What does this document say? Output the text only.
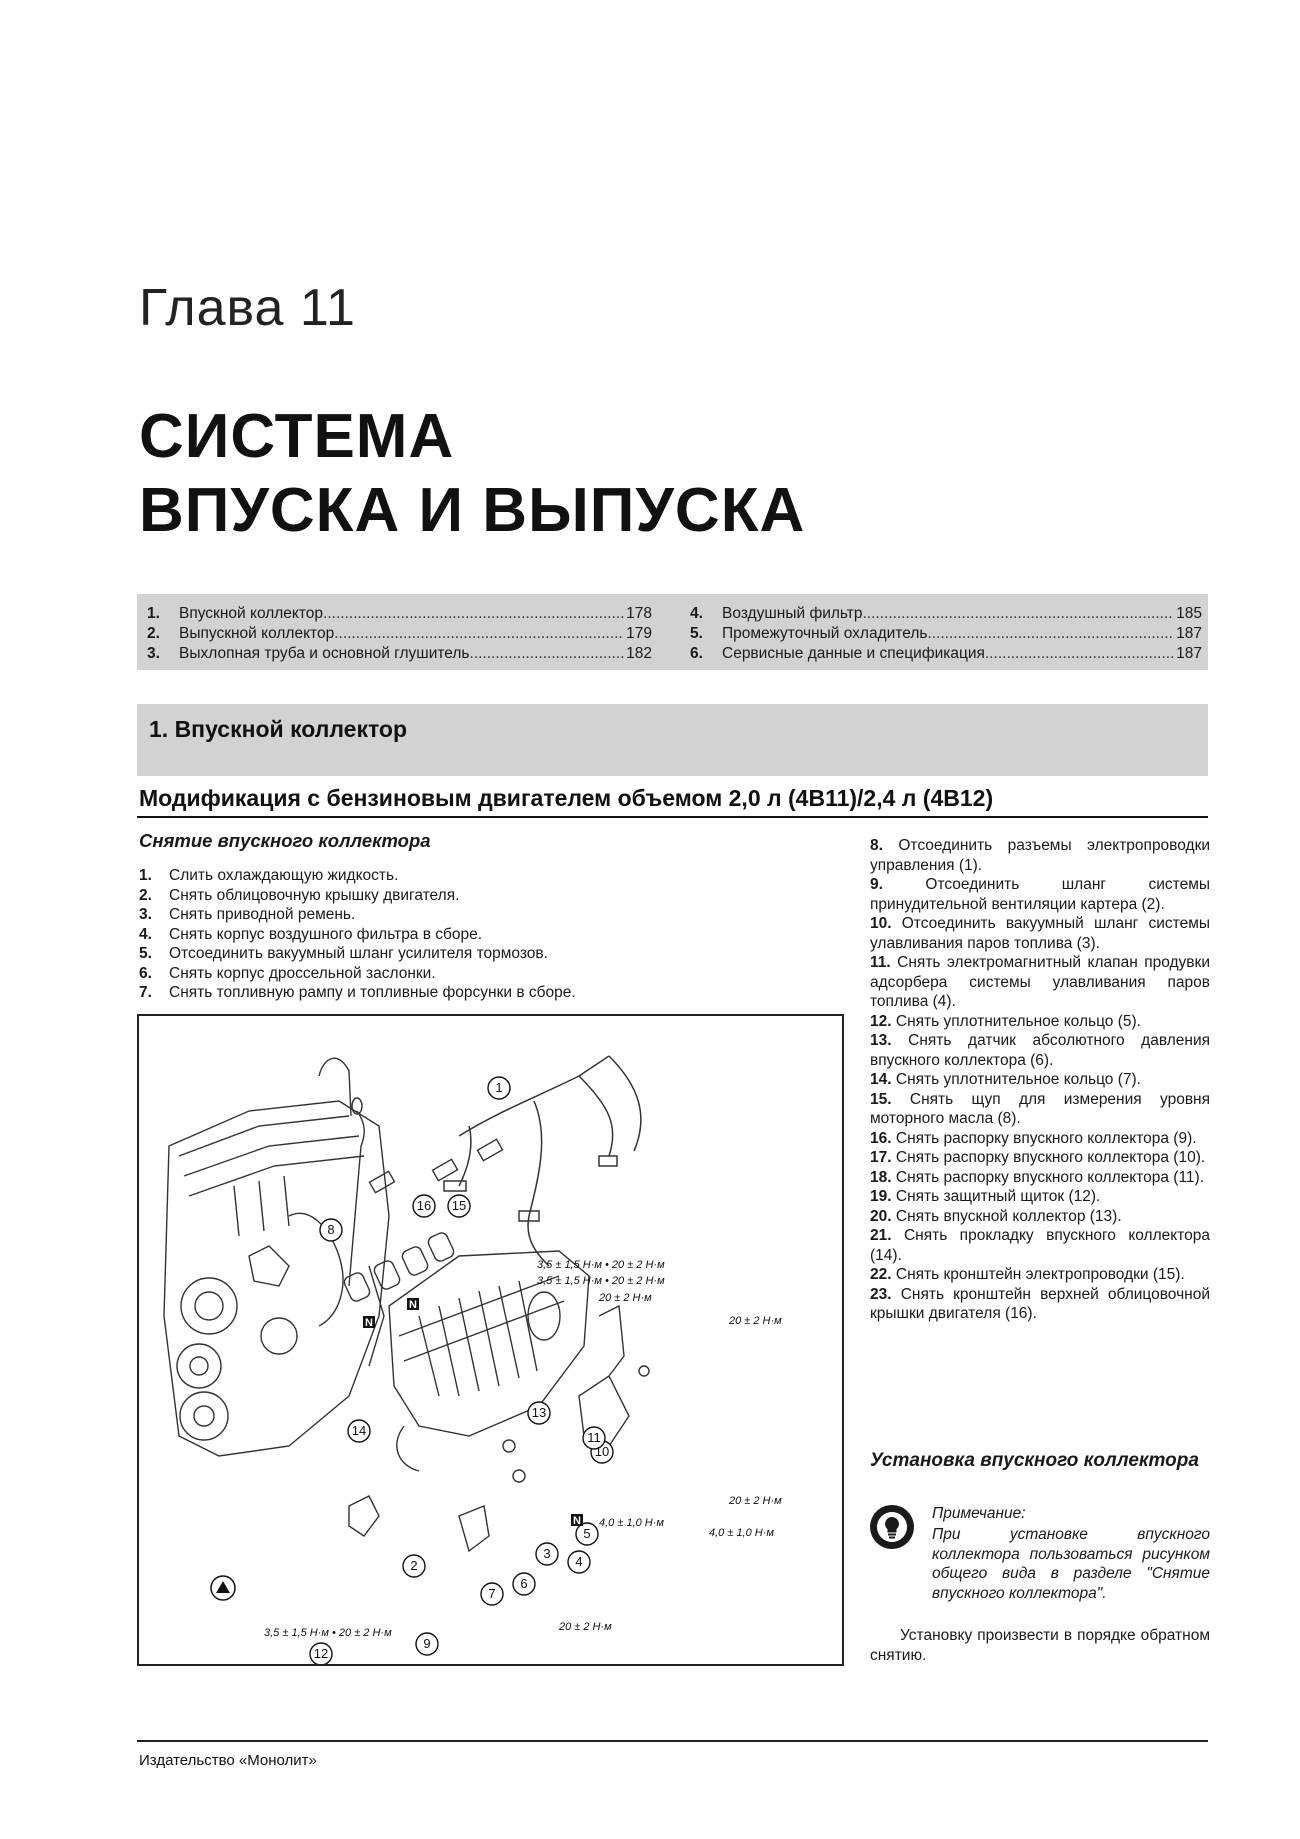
Глава 11
СИСТЕМА
ВПУСКА И ВЫПУСКА
1.	Впускной коллектор .....	178
2.	Выпускной коллектор .....	179
3.	Выхлопная труба и основной глушитель .....	182
4.	Воздушный фильтр .....	185
5.	Промежуточный охладитель .....	187
6.	Сервисные данные и спецификация .....	187
1. Впускной коллектор
Модификация с бензиновым двигателем объемом 2,0 л (4B11)/2,4 л (4B12)
Снятие впускного коллектора
1.	Слить охлаждающую жидкость.
2.	Снять облицовочную крышку двигателя.
3.	Снять приводной ремень.
4.	Снять корпус воздушного фильтра в сборе.
5.	Отсоединить вакуумный шланг усилителя тормозов.
6.	Снять корпус дроссельной заслонки.
7.	Снять топливную рампу и топливные форсунки в сборе.
8. Отсоединить разъемы электропроводки управления (1).
9.	Отсоединить шланг системы принудительной вентиляции картера (2).
10. Отсоединить вакуумный шланг системы улавливания паров топлива (3).
11. Снять электромагнитный клапан продувки адсорбера системы улавливания паров топлива (4).
12. Снять уплотнительное кольцо (5).
13. Снять датчик абсолютного давления впускного коллектора (6).
14. Снять уплотнительное кольцо (7).
15. Снять щуп для измерения уровня моторного масла (8).
16. Снять распорку впускного коллектора (9).
17. Снять распорку впускного коллектора (10).
18. Снять распорку впускного коллектора (11).
19. Снять защитный щиток (12).
20. Снять впускной коллектор (13).
21. Снять прокладку впускного коллектора (14).
22. Снять кронштейн электропроводки (15).
23. Снять кронштейн верхней облицовочной крышки двигателя (16).
Установка впускного коллектора
Примечание:
При установке впускного коллектора пользоваться рисунком общего вида в разделе "Снятие впускного коллектора".
Установку произвести в порядке обратном снятию.
1
2
3
4
5
6
7
8
9
10
11
12
13
14
15
16
3,5 ± 1,5 Н·м • 20 ± 2 Н·м
3,5 ± 1,5 Н·м • 20 ± 2 Н·м
20 ± 2 Н·м
20 ± 2 Н·м
20 ± 2 Н·м
4,0 ± 1,0 Н·м
4,0 ± 1,0 Н·м
3,5 ± 1,5 Н·м • 20 ± 2 Н·м	20 ± 2 Н·м
N
N
N
Издательство «Монолит»
